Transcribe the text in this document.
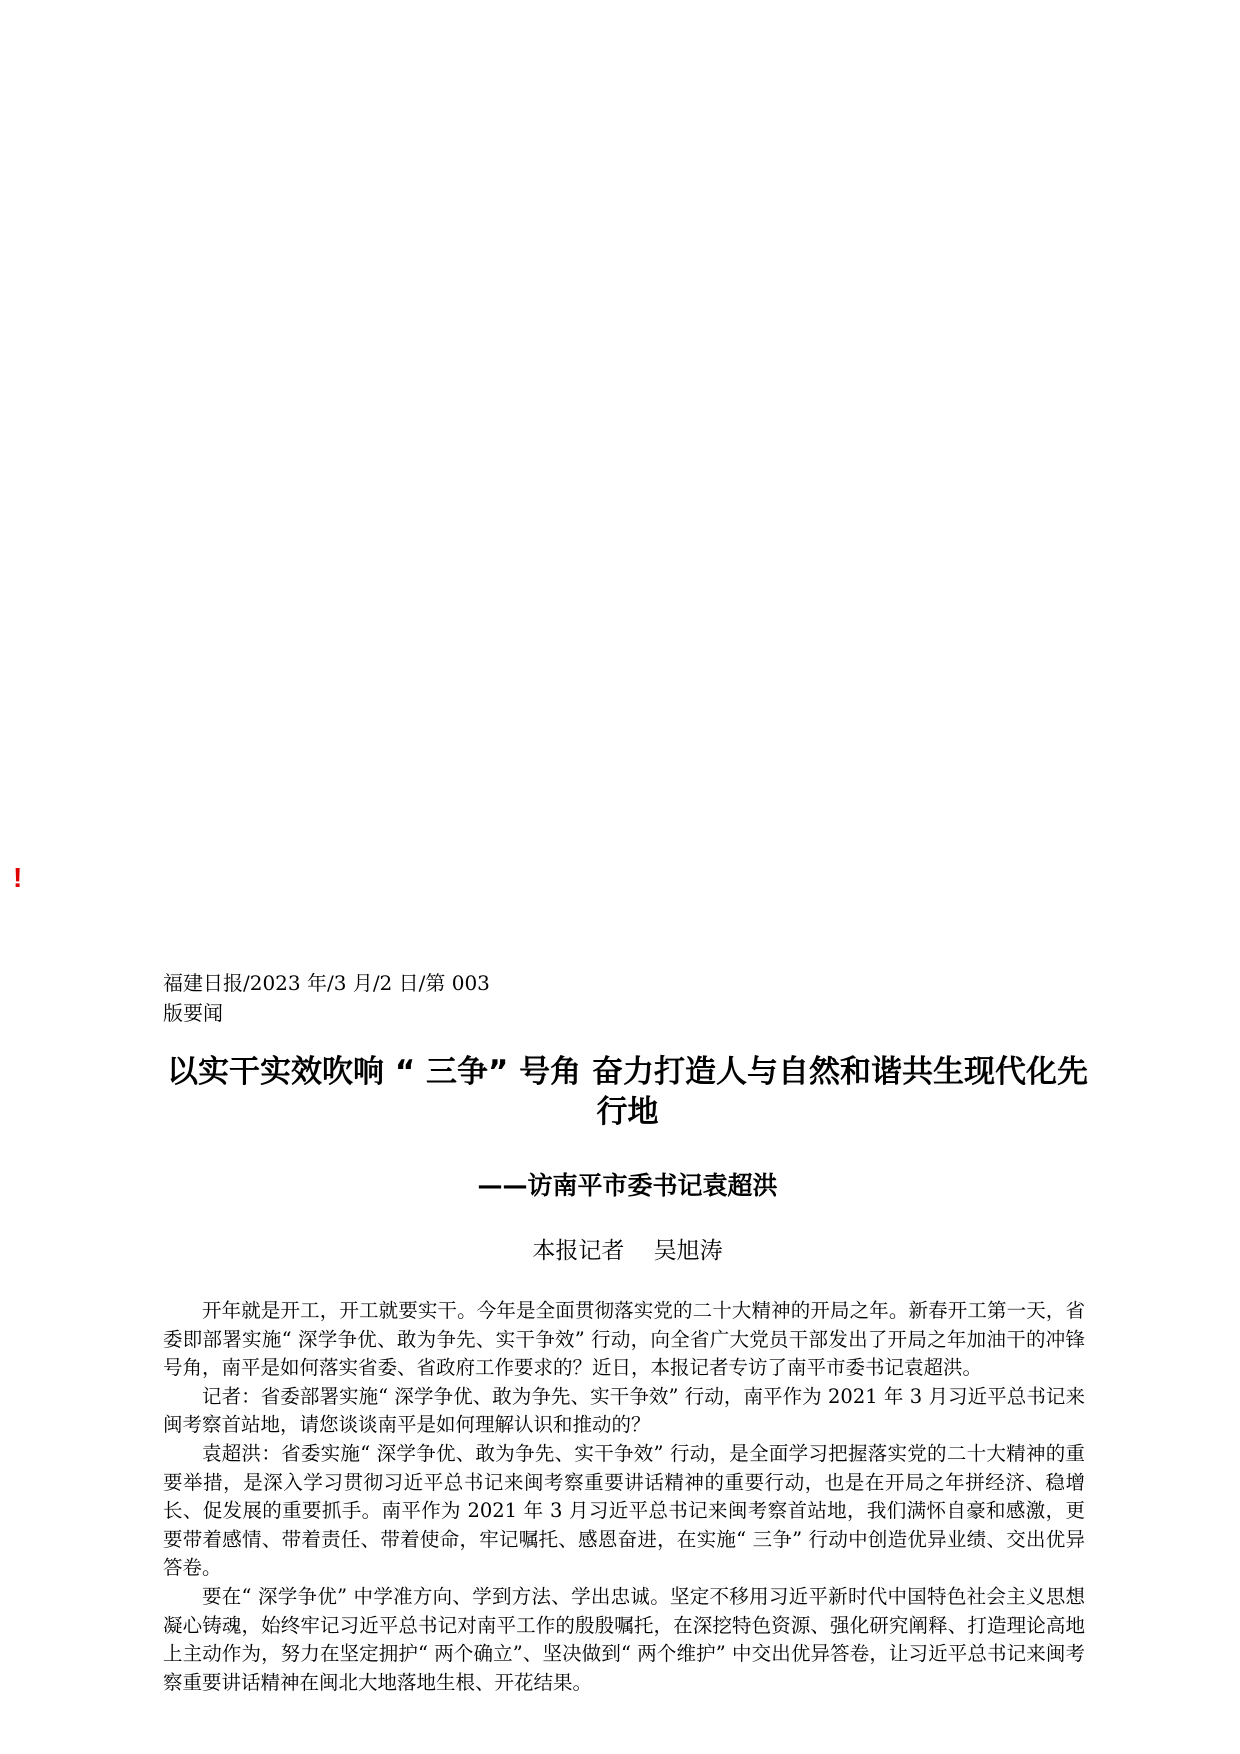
!
福建日报/2023 年/3 月/2 日/第 003
版要闻
以实干实效吹响 “ 三争” 号角 奋力打造人与自然和谐共生现代化先行地
——访南平市委书记袁超洪
本报记者    吴旭涛

开年就是开工，开工就要实干。今年是全面贯彻落实党的二十大精神的开局之年。新春开工第一天，省委即部署实施“ 深学争优、敢为争先、实干争效” 行动，向全省广大党员干部发出了开局之年加油干的冲锋号角，南平是如何落实省委、省政府工作要求的？近日，本报记者专访了南平市委书记袁超洪。

记者：省委部署实施“ 深学争优、敢为争先、实干争效” 行动，南平作为 2021 年 3 月习近平总书记来闽考察首站地，请您谈谈南平是如何理解认识和推动的？

袁超洪：省委实施“ 深学争优、敢为争先、实干争效” 行动，是全面学习把握落实党的二十大精神的重要举措，是深入学习贯彻习近平总书记来闽考察重要讲话精神的重要行动，也是在开局之年拼经济、稳增长、促发展的重要抓手。南平作为 2021 年 3 月习近平总书记来闽考察首站地，我们满怀自豪和感激，更要带着感情、带着责任、带着使命，牢记嘱托、感恩奋进，在实施“ 三争” 行动中创造优异业绩、交出优异答卷。

要在“ 深学争优” 中学准方向、学到方法、学出忠诚。坚定不移用习近平新时代中国特色社会主义思想凝心铸魂，始终牢记习近平总书记对南平工作的殷殷嘱托，在深挖特色资源、强化研究阐释、打造理论高地上主动作为，努力在坚定拥护“ 两个确立”、坚决做到“ 两个维护” 中交出优异答卷，让习近平总书记来闽考察重要讲话精神在闽北大地落地生根、开花结果。
